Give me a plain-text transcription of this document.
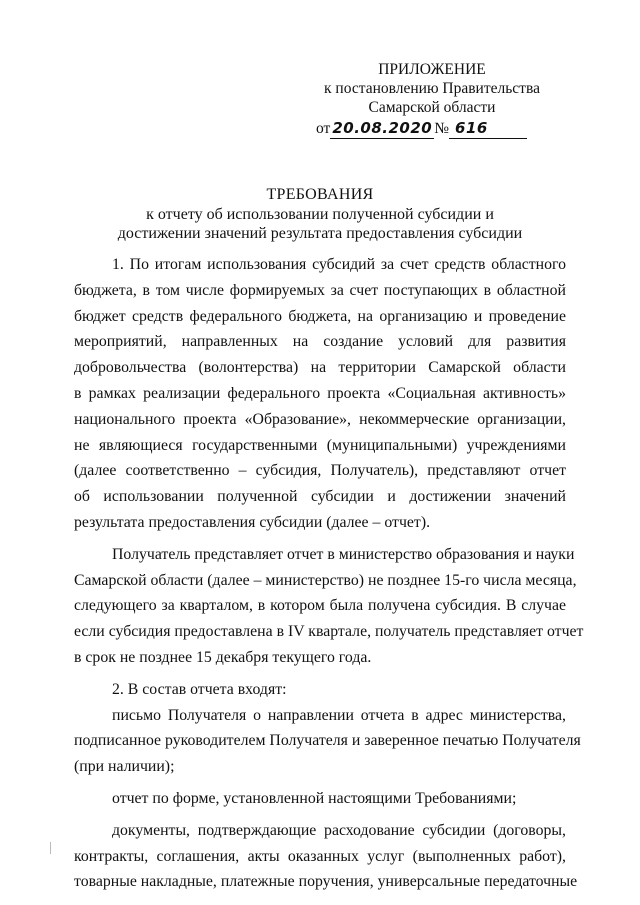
ПРИЛОЖЕНИЕ
к постановлению Правительства
Самарской области
от 20.08.2020 № 616
ТРЕБОВАНИЯ
к отчету об использовании полученной субсидии и
достижении значений результата предоставления субсидии
1. По итогам использования субсидий за счет средств областного
бюджета, в том числе формируемых за счет поступающих в областной
бюджет средств федерального бюджета, на организацию и проведение
мероприятий, направленных на создание условий для развития
добровольчества (волонтерства) на территории Самарской области
в рамках реализации федерального проекта «Социальная активность»
национального проекта «Образование», некоммерческие организации,
не являющиеся государственными (муниципальными) учреждениями
(далее соответственно – субсидия, Получатель), представляют отчет
об использовании полученной субсидии и достижении значений
результата предоставления субсидии (далее – отчет).
Получатель представляет отчет в министерство образования и науки
Самарской области (далее – министерство) не позднее 15-го числа месяца,
следующего за кварталом, в котором была получена субсидия. В случае
если субсидия предоставлена в IV квартале, получатель представляет отчет
в срок не позднее 15 декабря текущего года.
2. В состав отчета входят:
письмо Получателя о направлении отчета в адрес министерства,
подписанное руководителем Получателя и заверенное печатью Получателя
(при наличии);
отчет по форме, установленной настоящими Требованиями;
документы, подтверждающие расходование субсидии (договоры,
контракты, соглашения, акты оказанных услуг (выполненных работ),
товарные накладные, платежные поручения, универсальные передаточные
